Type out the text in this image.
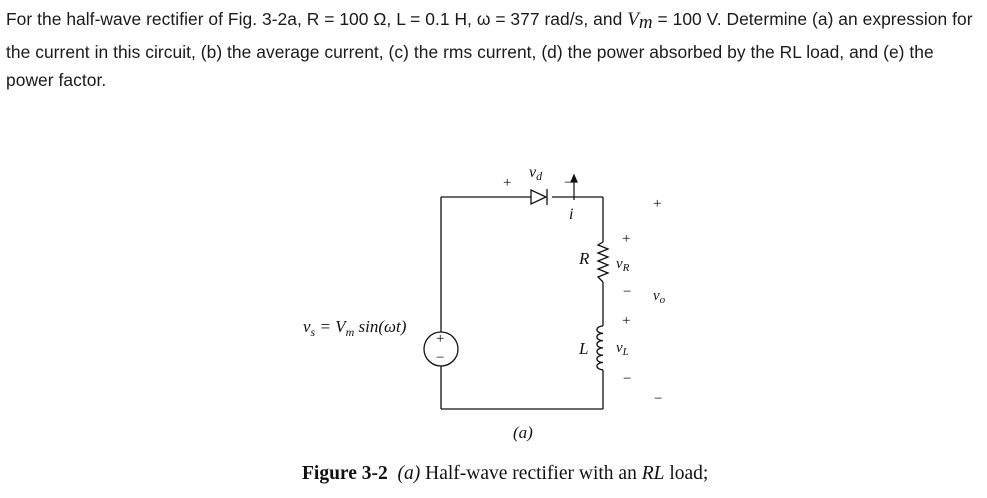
For the half-wave rectifier of Fig. 3-2a, R = 100 Ω, L = 0.1 H, ω = 377 rad/s, and $V_m = 100$ V. Determine (a) an expression for the current in this circuit, (b) the average current, (c) the rms current, (d) the power absorbed by the RL load, and (e) the power factor.
+
−
$v_s = V_m$ sin(ωt)
+
vd −
i
R
+
$v_R$
−
L
+
$v_L$
−
+
$v_o$
−
(a)
Figure 3-2 (a) Half-wave rectifier with an RL load;
